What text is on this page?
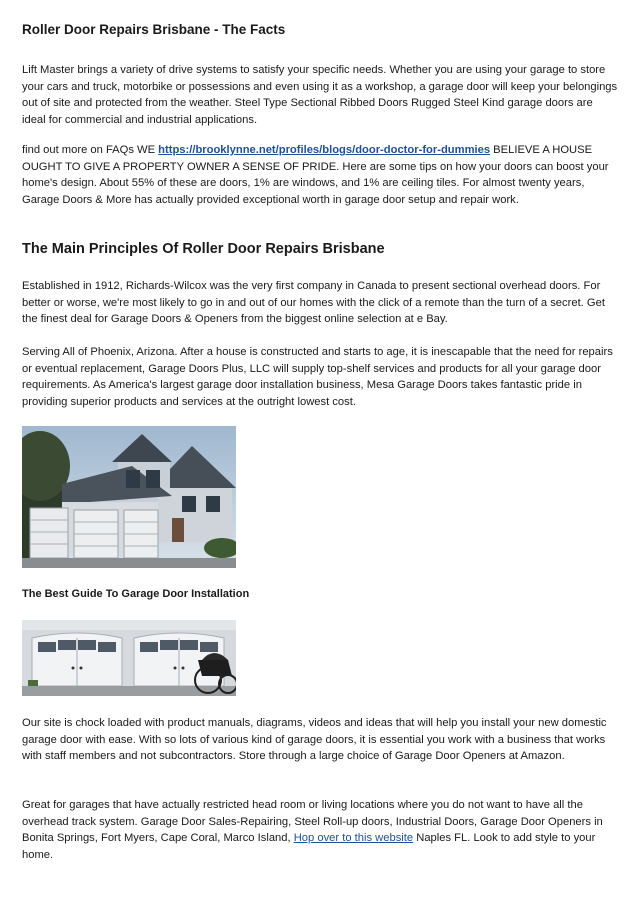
Roller Door Repairs Brisbane - The Facts

Lift Master brings a variety of drive systems to satisfy your specific needs. Whether you are using your garage to store your cars and truck, motorbike or possessions and even using it as a workshop, a garage door will keep your belongings out of site and protected from the weather. Steel Type Sectional Ribbed Doors Rugged Steel Kind garage doors are ideal for commercial and industrial applications.

find out more on FAQs WE https://brooklynne.net/profiles/blogs/door-doctor-for-dummies BELIEVE A HOUSE OUGHT TO GIVE A PROPERTY OWNER A SENSE OF PRIDE. Here are some tips on how your doors can boost your home's design. About 55% of these are doors, 1% are windows, and 1% are ceiling tiles. For almost twenty years, Garage Doors & More has actually provided exceptional worth in garage door setup and repair work.

The Main Principles Of Roller Door Repairs Brisbane

Established in 1912, Richards-Wilcox was the very first company in Canada to present sectional overhead doors. For better or worse, we're most likely to go in and out of our homes with the click of a remote than the turn of a secret. Get the finest deal for Garage Doors & Openers from the biggest online selection at e Bay.

Serving All of Phoenix, Arizona. After a house is constructed and starts to age, it is inescapable that the need for repairs or eventual replacement, Garage Doors Plus, LLC will supply top-shelf services and products for all your garage door requirements. As America's largest garage door installation business, Mesa Garage Doors takes fantastic pride in providing superior products and services at the outright lowest cost.

The Best Guide To Garage Door Installation

Our site is chock loaded with product manuals, diagrams, videos and ideas that will help you install your new domestic garage door with ease. With so lots of various kind of garage doors, it is essential you work with a business that works with staff members and not subcontractors. Store through a large choice of Garage Door Openers at Amazon.

Great for garages that have actually restricted head room or living locations where you do not want to have all the overhead track system. Garage Door Sales-Repairing, Steel Roll-up doors, Industrial Doors, Garage Door Openers in Bonita Springs, Fort Myers, Cape Coral, Marco Island, Hop over to this website Naples FL. Look to add style to your home.
